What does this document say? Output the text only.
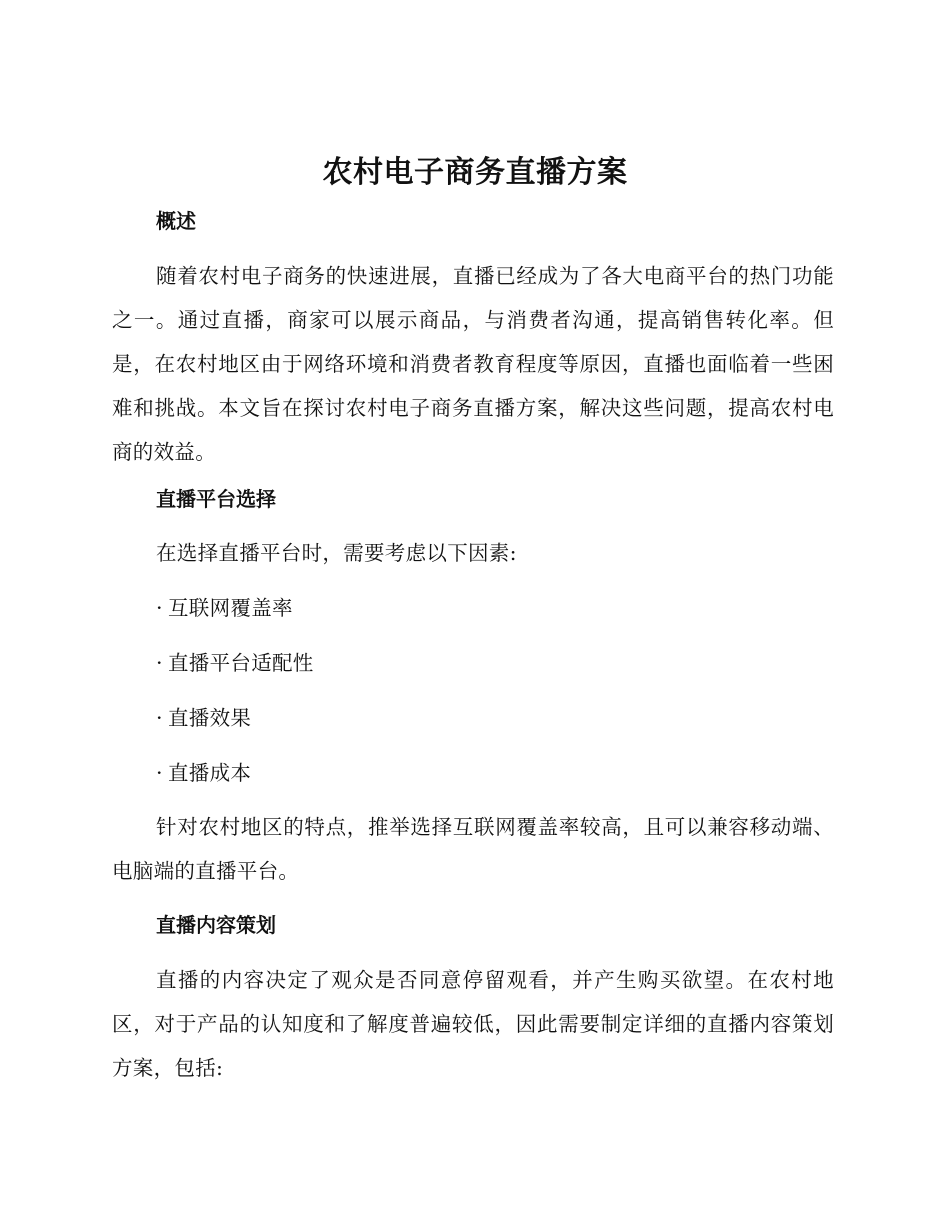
农村电子商务直播方案
概述
随着农村电子商务的快速进展，直播已经成为了各大电商平台的热门功能之一。通过直播，商家可以展示商品，与消费者沟通，提高销售转化率。但是，在农村地区由于网络环境和消费者教育程度等原因，直播也面临着一些困难和挑战。本文旨在探讨农村电子商务直播方案，解决这些问题，提高农村电商的效益。
直播平台选择
在选择直播平台时，需要考虑以下因素:
· 互联网覆盖率
· 直播平台适配性
· 直播效果
· 直播成本
针对农村地区的特点，推举选择互联网覆盖率较高，且可以兼容移动端、电脑端的直播平台。
直播内容策划
直播的内容决定了观众是否同意停留观看，并产生购买欲望。在农村地区，对于产品的认知度和了解度普遍较低，因此需要制定详细的直播内容策划方案，包括:
